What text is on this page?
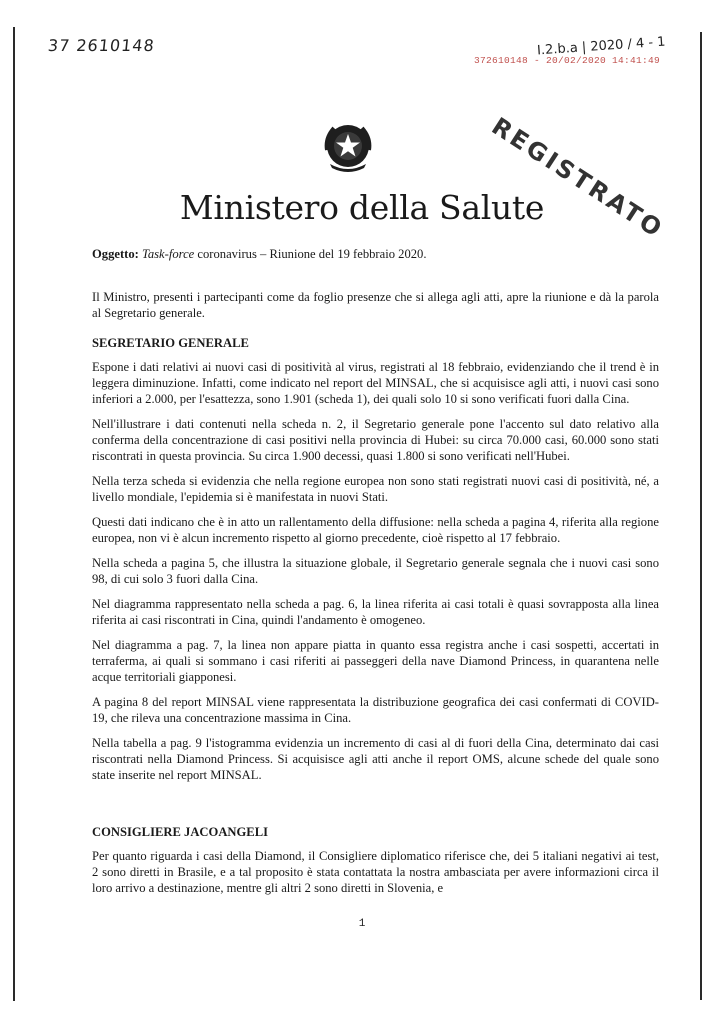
37 2610148	I.2.b.a | 2020 / 4 - 1
372610148 - 20/02/2020 14:41:49
REGISTRATO
Ministero della Salute
Oggetto: Task-force coronavirus – Riunione del 19 febbraio 2020.

Il Ministro, presenti i partecipanti come da foglio presenze che si allega agli atti, apre la riunione e dà la parola al Segretario generale.

SEGRETARIO GENERALE

Espone i dati relativi ai nuovi casi di positività al virus, registrati al 18 febbraio, evidenziando che il trend è in leggera diminuzione. Infatti, come indicato nel report del MINSAL, che si acquisisce agli atti, i nuovi casi sono inferiori a 2.000, per l'esattezza, sono 1.901 (scheda 1), dei quali solo 10 si sono verificati fuori dalla Cina.

Nell'illustrare i dati contenuti nella scheda n. 2, il Segretario generale pone l'accento sul dato relativo alla conferma della concentrazione di casi positivi nella provincia di Hubei: su circa 70.000 casi, 60.000 sono stati riscontrati in questa provincia. Su circa 1.900 decessi, quasi 1.800 si sono verificati nell'Hubei.

Nella terza scheda si evidenzia che nella regione europea non sono stati registrati nuovi casi di positività, né, a livello mondiale, l'epidemia si è manifestata in nuovi Stati.

Questi dati indicano che è in atto un rallentamento della diffusione: nella scheda a pagina 4, riferita alla regione europea, non vi è alcun incremento rispetto al giorno precedente, cioè rispetto al 17 febbraio.

Nella scheda a pagina 5, che illustra la situazione globale, il Segretario generale segnala che i nuovi casi sono 98, di cui solo 3 fuori dalla Cina.

Nel diagramma rappresentato nella scheda a pag. 6, la linea riferita ai casi totali è quasi sovrapposta alla linea riferita ai casi riscontrati in Cina, quindi l'andamento è omogeneo.

Nel diagramma a pag. 7, la linea non appare piatta in quanto essa registra anche i casi sospetti, accertati in terraferma, ai quali si sommano i casi riferiti ai passeggeri della nave Diamond Princess, in quarantena nelle acque territoriali giapponesi.

A pagina 8 del report MINSAL viene rappresentata la distribuzione geografica dei casi confermati di COVID-19, che rileva una concentrazione massima in Cina.

Nella tabella a pag. 9 l'istogramma evidenzia un incremento di casi al di fuori della Cina, determinato dai casi riscontrati nella Diamond Princess. Si acquisisce agli atti anche il report OMS, alcune schede del quale sono state inserite nel report MINSAL.

CONSIGLIERE JACOANGELI

Per quanto riguarda i casi della Diamond, il Consigliere diplomatico riferisce che, dei 5 italiani negativi ai test, 2 sono diretti in Brasile, e a tal proposito è stata contattata la nostra ambasciata per avere informazioni circa il loro arrivo a destinazione, mentre gli altri 2 sono diretti in Slovenia, e

1
